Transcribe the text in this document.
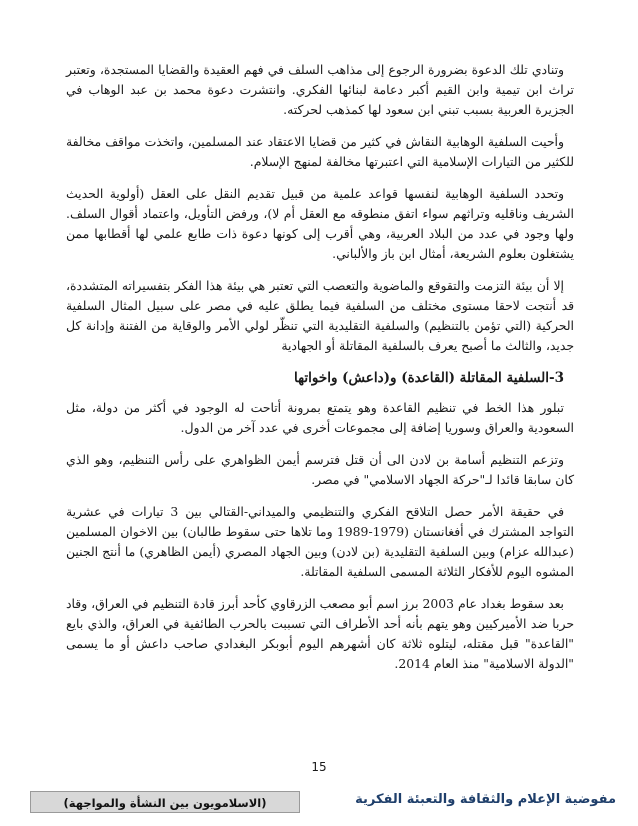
وتنادي تلك الدعوة بضرورة الرجوع إلى مذاهب السلف في فهم العقيدة والقضايا المستجدة، وتعتبر تراث ابن تيمية وابن القيم أكبر دعامة لبنائها الفكري. وانتشرت دعوة محمد بن عبد الوهاب في الجزيرة العربية بسبب تبني ابن سعود لها كمذهب لحركته.

وأحيت السلفية الوهابية النقاش في كثير من قضايا الاعتقاد عند المسلمين، واتخذت مواقف مخالفة للكثير من التيارات الإسلامية التي اعتبرتها مخالفة لمنهج الإسلام.

وتحدد السلفية الوهابية لنفسها قواعد علمية من قبيل تقديم النقل على العقل (أولوية الحديث الشريف وناقليه وتراثهم سواء اتفق منطوقه مع العقل أم لا)، ورفض التأويل، واعتماد أقوال السلف. ولها وجود في عدد من البلاد العربية، وهي أقرب إلى كونها دعوة ذات طابع علمي لها أقطابها ممن يشتغلون بعلوم الشريعة، أمثال ابن باز والألباني.

إلا أن بيئة التزمت والتقوقع والماضوية والتعصب التي تعتبر هي بيئة هذا الفكر بتفسيراته المتشددة، قد أنتجت لاحقا مستوى مختلف من السلفية فيما يطلق عليه في مصر على سبيل المثال السلفية الحركية (التي تؤمن بالتنظيم) والسلفية التقليدية التي تنظّر لولي الأمر والوقاية من الفتنة وإدانة كل جديد، والثالث ما أصبح يعرف بالسلفية المقاتلة أو الجهادية

3-السلفية المقاتلة (القاعدة) و(داعش) واخواتها

تبلور هذا الخط في تنظيم القاعدة وهو يتمتع بمرونة أتاحت له الوجود في أكثر من دولة، مثل السعودية والعراق وسوريا إضافة إلى مجموعات أخرى في عدد آخر من الدول.

وتزعم التنظيم أسامة بن لادن الى أن قتل فترسم أيمن الظواهري على رأس التنظيم، وهو الذي كان سابقا قائدا لـ"حركة الجهاد الاسلامي" في مصر.

في حقيقة الأمر حصل التلاقح الفكري والتنظيمي والميداني-القتالي بين 3 تيارات في عشرية التواجد المشترك في أفغانستان (1979-1989 وما تلاها حتى سقوط طالبان) بين الاخوان المسلمين (عبدالله عزام) وبين السلفية التقليدية (بن لادن) وبين الجهاد المصري (أيمن الظاهري) ما أنتج الجنين المشوه اليوم للأفكار الثلاثة المسمى السلفية المقاتلة.

بعد سقوط بغداد عام 2003 برز اسم أبو مصعب الزرقاوي كأحد أبرز قادة التنظيم في العراق، وقاد حربا ضد الأميركيين وهو يتهم بأنه أحد الأطراف التي تسببت بالحرب الطائفية في العراق، والذي بايع "القاعدة" قبل مقتله، ليتلوه ثلاثة كان أشهرهم اليوم أبوبكر البغدادي صاحب داعش أو ما يسمى "الدولة الاسلامية" منذ العام 2014.

15
مفوضية الإعلام والثقافة والتعبئة الفكرية
(الاسلامويون بين النشأة والمواجهة)
